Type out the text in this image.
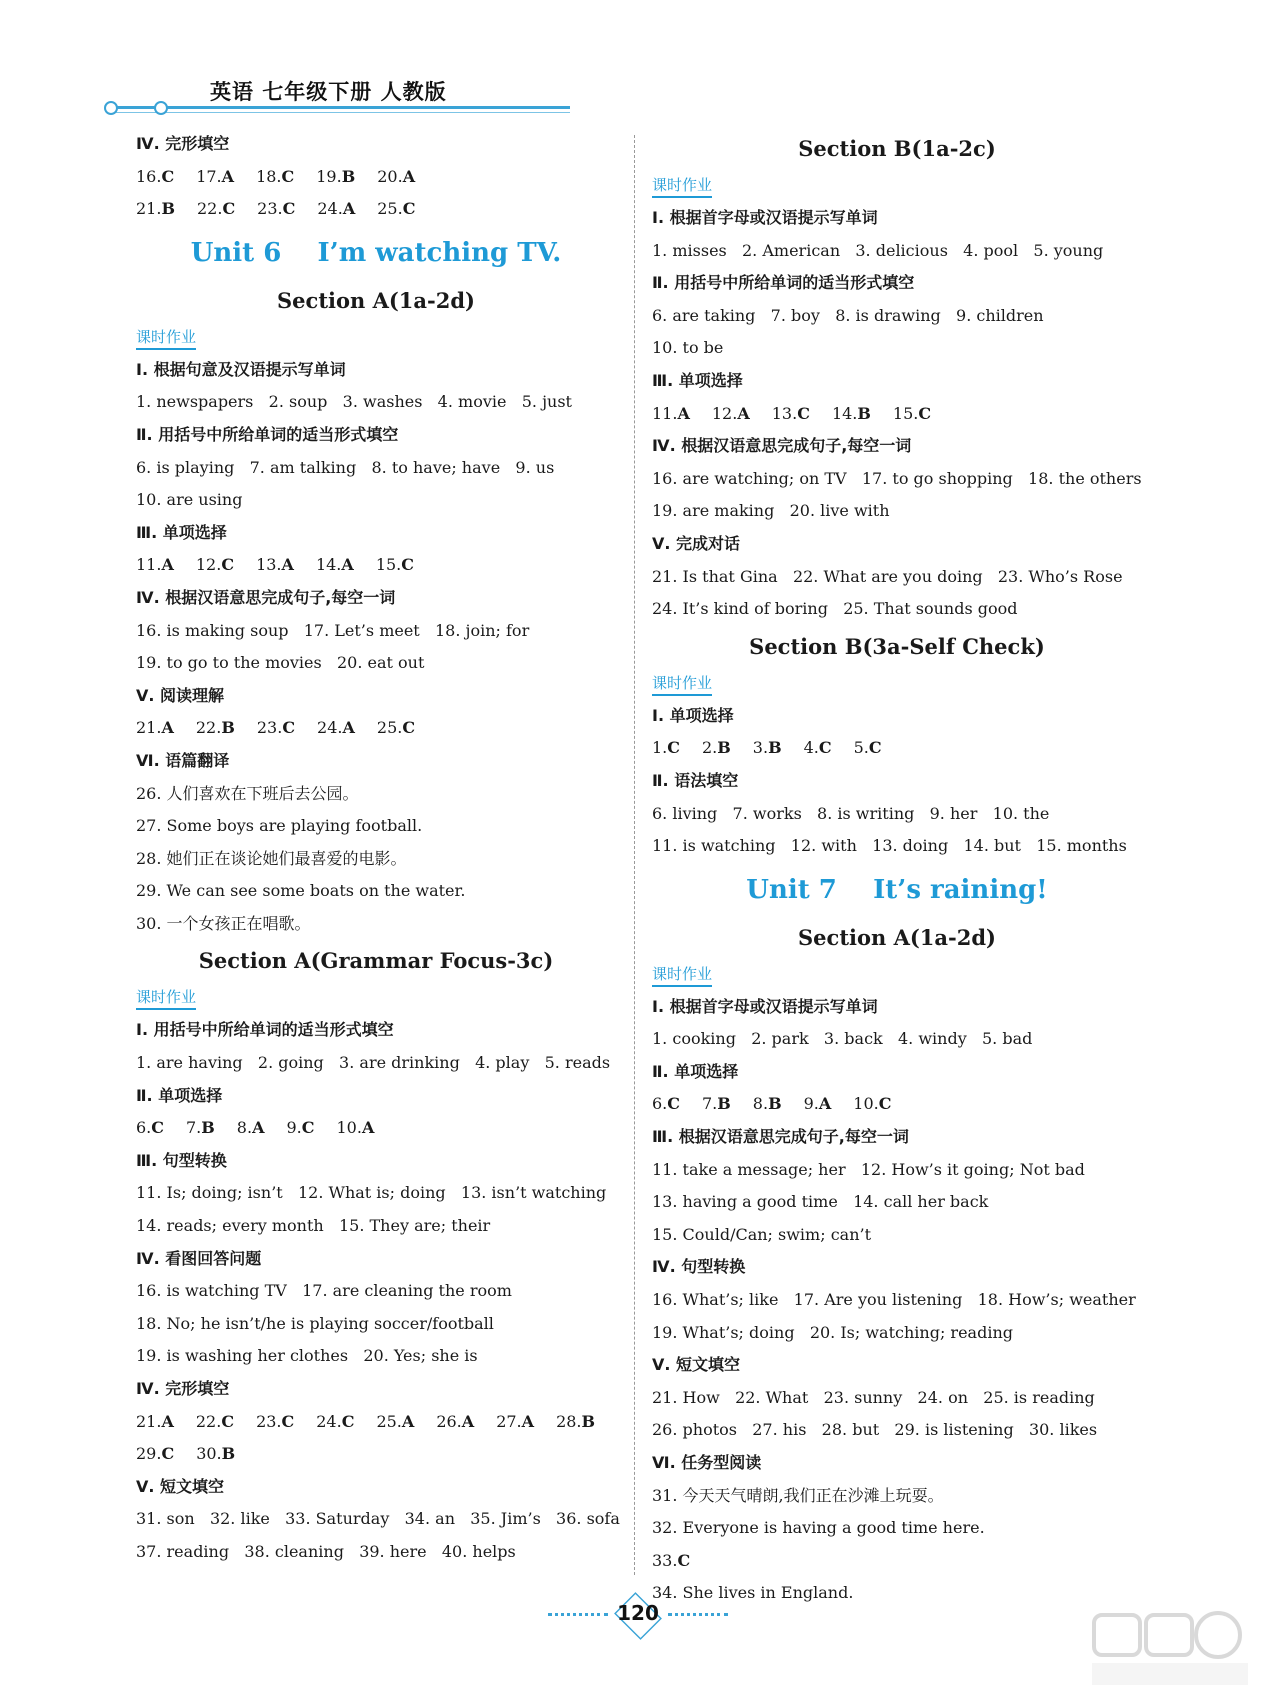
英语 七年级下册 人教版
Ⅳ. 完形填空
16.C 17.A 18.C 19.B 20.A
21.B 22.C 23.C 24.A 25.C
Unit 6    I’m watching TV.
Section A(1a-2d)
课时作业
Ⅰ. 根据句意及汉语提示写单词
1. newspapers   2. soup   3. washes   4. movie   5. just
Ⅱ. 用括号中所给单词的适当形式填空
6. is playing   7. am talking   8. to have; have   9. us
10. are using
Ⅲ. 单项选择
11.A 12.C 13.A 14.A 15.C
Ⅳ. 根据汉语意思完成句子,每空一词
16. is making soup   17. Let’s meet   18. join; for
19. to go to the movies   20. eat out
Ⅴ. 阅读理解
21.A 22.B 23.C 24.A 25.C
Ⅵ. 语篇翻译
26. 人们喜欢在下班后去公园。
27. Some boys are playing football.
28. 她们正在谈论她们最喜爱的电影。
29. We can see some boats on the water.
30. 一个女孩正在唱歌。
Section A(Grammar Focus-3c)
课时作业
Ⅰ. 用括号中所给单词的适当形式填空
1. are having   2. going   3. are drinking   4. play   5. reads
Ⅱ. 单项选择
6.C 7.B 8.A 9.C 10.A
Ⅲ. 句型转换
11. Is; doing; isn’t   12. What is; doing   13. isn’t watching
14. reads; every month   15. They are; their
Ⅳ. 看图回答问题
16. is watching TV   17. are cleaning the room
18. No; he isn’t/he is playing soccer/football
19. is washing her clothes   20. Yes; she is
Ⅳ. 完形填空
21.A 22.C 23.C 24.C 25.A 26.A 27.A 28.B
29.C 30.B
Ⅴ. 短文填空
31. son   32. like   33. Saturday   34. an   35. Jim’s   36. sofa
37. reading   38. cleaning   39. here   40. helps
Section B(1a-2c)
课时作业
Ⅰ. 根据首字母或汉语提示写单词
1. misses   2. American   3. delicious   4. pool   5. young
Ⅱ. 用括号中所给单词的适当形式填空
6. are taking   7. boy   8. is drawing   9. children
10. to be
Ⅲ. 单项选择
11.A 12.A 13.C 14.B 15.C
Ⅳ. 根据汉语意思完成句子,每空一词
16. are watching; on TV   17. to go shopping   18. the others
19. are making   20. live with
Ⅴ. 完成对话
21. Is that Gina   22. What are you doing   23. Who’s Rose
24. It’s kind of boring   25. That sounds good
Section B(3a-Self Check)
课时作业
Ⅰ. 单项选择
1.C 2.B 3.B 4.C 5.C
Ⅱ. 语法填空
6. living   7. works   8. is writing   9. her   10. the
11. is watching   12. with   13. doing   14. but   15. months
Unit 7    It’s raining!
Section A(1a-2d)
课时作业
Ⅰ. 根据首字母或汉语提示写单词
1. cooking   2. park   3. back   4. windy   5. bad
Ⅱ. 单项选择
6.C 7.B 8.B 9.A 10.C
Ⅲ. 根据汉语意思完成句子,每空一词
11. take a message; her   12. How’s it going; Not bad
13. having a good time   14. call her back
15. Could/Can; swim; can’t
Ⅳ. 句型转换
16. What’s; like   17. Are you listening   18. How’s; weather
19. What’s; doing   20. Is; watching; reading
Ⅴ. 短文填空
21. How   22. What   23. sunny   24. on   25. is reading
26. photos   27. his   28. but   29. is listening   30. likes
Ⅵ. 任务型阅读
31. 今天天气晴朗,我们正在沙滩上玩耍。
32. Everyone is having a good time here.
33.C
34. She lives in England.
120
